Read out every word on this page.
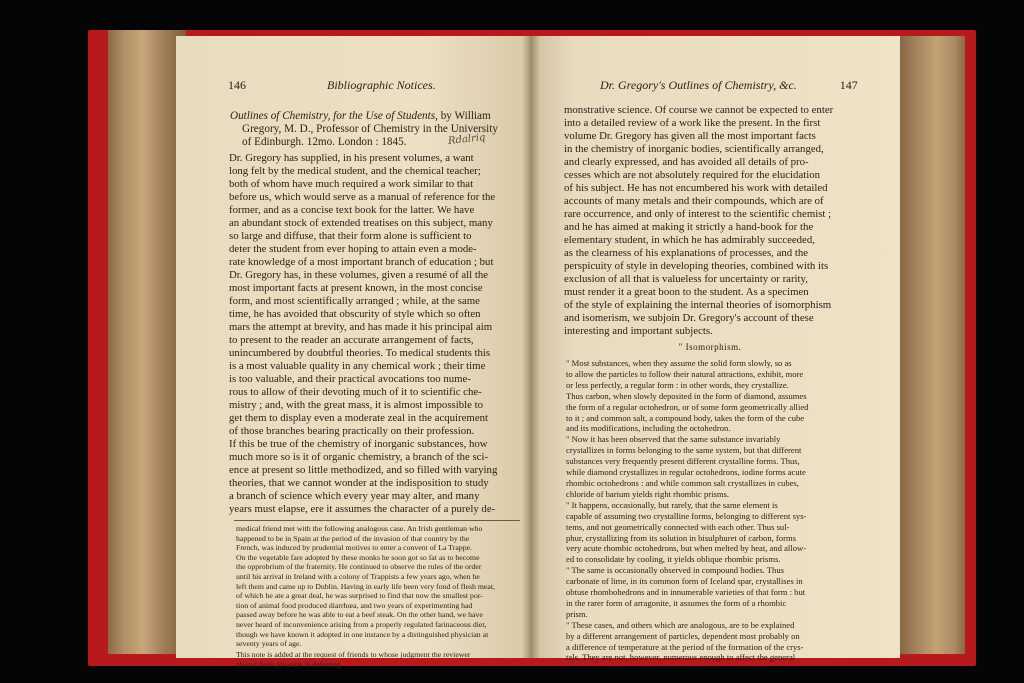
146	Bibliographic Notices.
Outlines of Chemistry, for the Use of Students, by William
Gregory, M. D., Professor of Chemistry in the University
of Edinburgh. 12mo. London : 1845.	Rdalriq
Dr. Gregory has supplied, in his present volumes, a want
long felt by the medical student, and the chemical teacher;
both of whom have much required a work similar to that
before us, which would serve as a manual of reference for the
former, and as a concise text book for the latter. We have
an abundant stock of extended treatises on this subject, many
so large and diffuse, that their form alone is sufficient to
deter the student from ever hoping to attain even a mode-
rate knowledge of a most important branch of education ; but
Dr. Gregory has, in these volumes, given a resumé of all the
most important facts at present known, in the most concise
form, and most scientifically arranged ; while, at the same
time, he has avoided that obscurity of style which so often
mars the attempt at brevity, and has made it his principal aim
to present to the reader an accurate arrangement of facts,
unincumbered by doubtful theories. To medical students this
is a most valuable quality in any chemical work ; their time
is too valuable, and their practical avocations too nume-
rous to allow of their devoting much of it to scientific che-
mistry ; and, with the great mass, it is almost impossible to
get them to display even a moderate zeal in the acquirement
of those branches bearing practically on their profession.
If this be true of the chemistry of inorganic substances, how
much more so is it of organic chemistry, a branch of the sci-
ence at present so little methodized, and so filled with varying
theories, that we cannot wonder at the indisposition to study
a branch of science which every year may alter, and many
years must elapse, ere it assumes the character of a purely de-
medical friend met with the following analogous case. An Irish gentleman who
happened to be in Spain at the period of the invasion of that country by the
French, was induced by prudential motives to enter a convent of La Trappe.
On the vegetable fare adopted by these monks he soon got so fat as to become
the opprobrium of the fraternity. He continued to observe the rules of the order
until his arrival in Ireland with a colony of Trappists a few years ago, when he
left them and came up to Dublin. Having in early life been very fond of flesh meat,
of which he ate a great deal, he was surprised to find that now the smallest por-
tion of animal food produced diarrhœa, and two years of experimenting had
passed away before he was able to eat a beef steak. On the other hand, we have
never heard of inconvenience arising from a properly regulated farinaceous diet,
though we have known it adopted in one instance by a distinguished physician at
seventy years of age.
This note is added at the request of friends to whose judgment the reviewer
always feels pleasure in deferring.
Dr. Gregory's Outlines of Chemistry, &c.	147
monstrative science. Of course we cannot be expected to enter
into a detailed review of a work like the present. In the first
volume Dr. Gregory has given all the most important facts
in the chemistry of inorganic bodies, scientifically arranged,
and clearly expressed, and has avoided all details of pro-
cesses which are not absolutely required for the elucidation
of his subject. He has not encumbered his work with detailed
accounts of many metals and their compounds, which are of
rare occurrence, and only of interest to the scientific chemist ;
and he has aimed at making it strictly a hand-book for the
elementary student, in which he has admirably succeeded,
as the clearness of his explanations of processes, and the
perspicuity of style in developing theories, combined with its
exclusion of all that is valueless for uncertainty or rarity,
must render it a great boon to the student. As a specimen
of the style of explaining the internal theories of isomorphism
and isomerism, we subjoin Dr. Gregory's account of these
interesting and important subjects.
" Isomorphism.
" Most substances, when they assume the solid form slowly, so as
to allow the particles to follow their natural attractions, exhibit, more
or less perfectly, a regular form : in other words, they crystallize.
Thus carbon, when slowly deposited in the form of diamond, assumes
the form of a regular octohedron, or of some form geometrically allied
to it ; and common salt, a compound body, takes the form of the cube
and its modifications, including the octohedron.
" Now it has been observed that the same substance invariably
crystallizes in forms belonging to the same system, but that different
substances very frequently present different crystalline forms. Thus,
while diamond crystallizes in regular octohedrons, iodine forms acute
rhombic octohedrons : and while common salt crystallizes in cubes,
chloride of barium yields right rhombic prisms.
" It happens, occasionally, but rarely, that the same element is
capable of assuming two crystalline forms, belonging to different sys-
tems, and not geometrically connected with each other. Thus sul-
phur, crystallizing from its solution in bisulphuret of carbon, forms
very acute rhombic octohedrons, but when melted by heat, and allow-
ed to consolidate by cooling, it yields oblique rhombic prisms.
" The same is occasionally observed in compound bodies. Thus
carbonate of lime, in its common form of Iceland spar, crystallises in
obtuse rhombohedrons and in innumerable varieties of that form : but
in the rarer form of arragonite, it assumes the form of a rhombic
prism.
" These cases, and others which are analogous, are to be explained
by a different arrangement of particles, dependent most probably on
a difference of temperature at the period of the formation of the crys-
tals. They are not, however, numerous enough to affect the general
